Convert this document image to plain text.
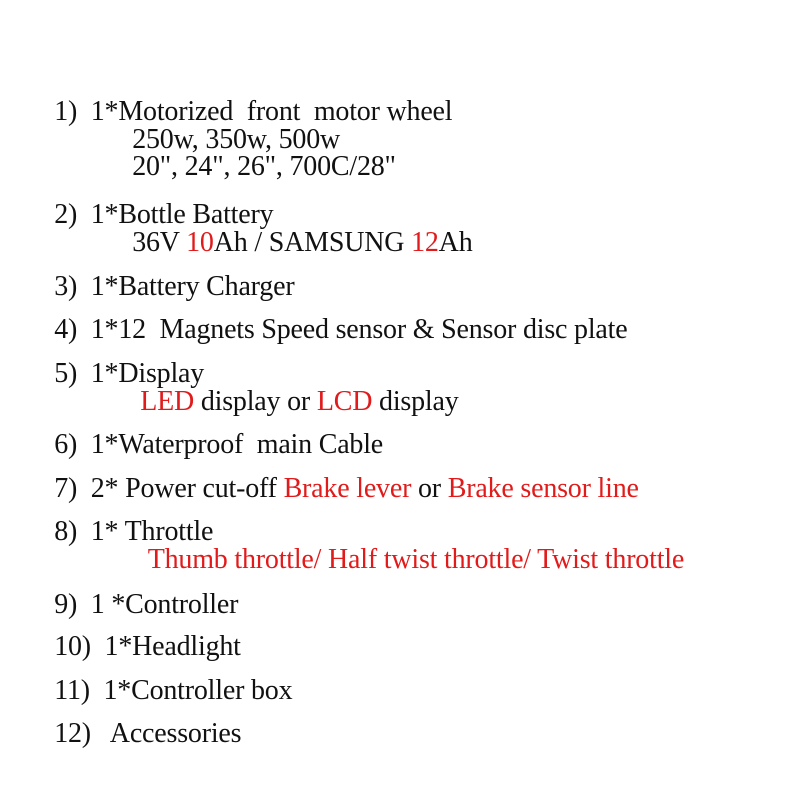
1) 1*Motorized  front  motor wheel

250w, 350w, 500w

20", 24", 26", 700C/28"

2) 1*Bottle Battery

36V 10Ah / SAMSUNG 12Ah

3) 1*Battery Charger

4) 1*12  Magnets Speed sensor & Sensor disc plate

5) 1*Display

LED display or LCD display

6) 1*Waterproof  main Cable

7) 2* Power cut-off Brake lever or Brake sensor line

8) 1* Throttle

Thumb throttle/ Half twist throttle/ Twist throttle

9) 1 *Controller

10) 1*Headlight

11) 1*Controller box

12) Accessories
